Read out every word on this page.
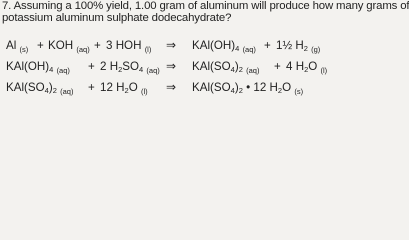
7. Assuming a 100% yield, 1.00 gram of aluminum will produce how many grams of
potassium aluminum sulphate dodecahydrate?
Al $_{(s)}$ + KOH $_{(aq)}$ + 3 HOH $_{(l)}$ ⇒ $KAl(OH)_4$ $_{(aq)}$ + 1½ $H_2$ $_{(g)}$
$KAl(OH)_4$ $_{(aq)}$ + 2 $H_2SO_4$ $_{(aq)}$ ⇒ $KAl(SO_4)_2$ $_{(aq)}$ + 4 $H_2O$ $_{(l)}$
$KAl(SO_4)_2$ $_{(aq)}$ + 12 $H_2O$ $_{(l)}$ ⇒ $KAl(SO_4)_2$ • 12 $H_2O$ $_{(s)}$
